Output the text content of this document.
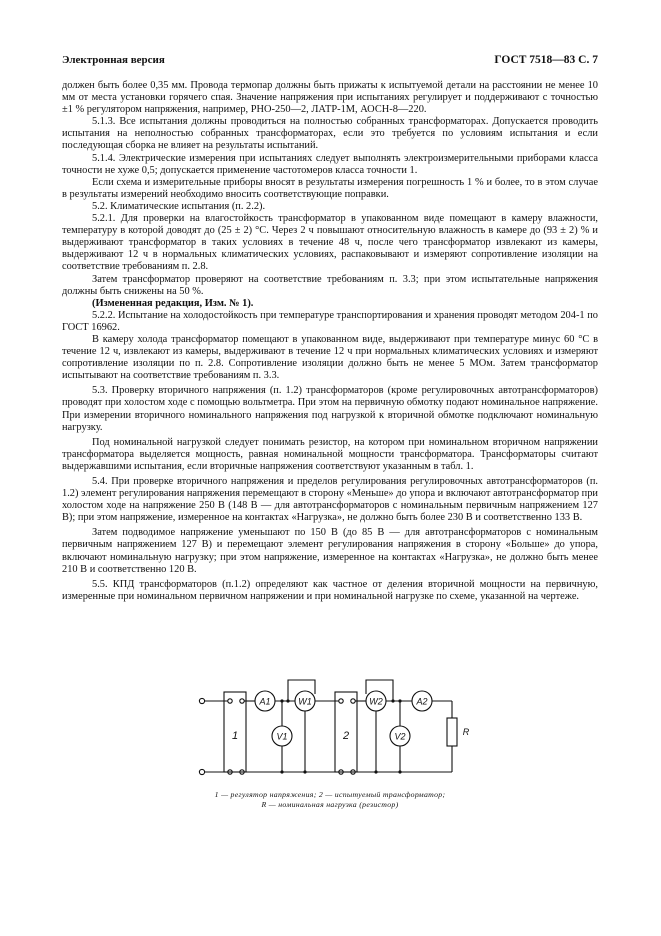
Электронная версия	ГОСТ 7518—83 С. 7

должен быть более 0,35 мм. Провода термопар должны быть прижаты к испытуемой детали на расстоянии не менее 10 мм от места установки горячего спая. Значение напряжения при испытаниях регулирует и поддерживают с точностью ±1 % регулятором напряжения, например, РНО-250—2, ЛАТР-1М, АОСН-8—220.

5.1.3. Все испытания должны проводиться на полностью собранных трансформаторах. Допускается проводить испытания на неполностью собранных трансформаторах, если это требуется по условиям испытания и если последующая сборка не влияет на результаты испытаний.

5.1.4. Электрические измерения при испытаниях следует выполнять электроизмерительными приборами класса точности не хуже 0,5; допускается применение частотомеров класса точности 1.

Если схема и измерительные приборы вносят в результаты измерения погрешность 1 % и более, то в этом случае в результаты измерений необходимо вносить соответствующие поправки.

5.2. Климатические испытания (п. 2.2).

5.2.1. Для проверки на влагостойкость трансформатор в упакованном виде помещают в камеру влажности, температуру в которой доводят до (25 ± 2) °С. Через 2 ч повышают относительную влажность в камере до (93 ± 2) % и выдерживают трансформатор в таких условиях в течение 48 ч, после чего трансформатор извлекают из камеры, выдерживают 12 ч в нормальных климатических условиях, распаковывают и измеряют сопротивление изоляции на соответствие требованиям п. 2.8.

Затем трансформатор проверяют на соответствие требованиям п. 3.3; при этом испытательные напряжения должны быть снижены на 50 %.

(Измененная редакция, Изм. № 1).

5.2.2. Испытание на холодостойкость при температуре транспортирования и хранения проводят методом 204-1 по ГОСТ 16962.

В камеру холода трансформатор помещают в упакованном виде, выдерживают при температуре минус 60 °С в течение 12 ч, извлекают из камеры, выдерживают в течение 12 ч при нормальных климатических условиях и измеряют сопротивление изоляции по п. 2.8. Сопротивление изоляции должно быть не менее 5 МОм. Затем трансформатор испытывают на соответствие требованиям п. 3.3.

5.3. Проверку вторичного напряжения (п. 1.2) трансформаторов (кроме регулировочных автотрансформаторов) проводят при холостом ходе с помощью вольтметра. При этом на первичную обмотку подают номинальное напряжение. При измерении вторичного номинального напряжения под нагрузкой к вторичной обмотке подключают номинальную нагрузку.

Под номинальной нагрузкой следует понимать резистор, на котором при номинальном вторичном напряжении трансформатора выделяется мощность, равная номинальной мощности трансформатора. Трансформаторы считают выдержавшими испытания, если вторичные напряжения соответствуют указанным в табл. 1.

5.4. При проверке вторичного напряжения и пределов регулирования регулировочных автотрансформаторов (п. 1.2) элемент регулирования напряжения перемещают в сторону «Меньше» до упора и включают автотрансформатор при холостом ходе на напряжение 250 В (148 В — для автотрансформаторов с номинальным первичным напряжением 127 В); при этом напряжение, измеренное на контактах «Нагрузка», не должно быть более 230 В и соответственно 133 В.

Затем подводимое напряжение уменьшают по 150 В (до 85 В — для автотрансформаторов с номинальным первичным напряжением 127 В) и перемещают элемент регулирования напряжения в сторону «Больше» до упора, включают номинальную нагрузку; при этом напряжение, измеренное на контактах «Нагрузка», не должно быть менее 210 В и соответственно 120 В.

5.5. КПД трансформаторов (п.1.2) определяют как частное от деления вторичной мощности на первичную, измеренные при номинальном первичном напряжении и при номинальной нагрузке по схеме, указанной на чертеже.

1	2
A1	W1
V1
W2	A2
V2	R
1 — регулятор напряжения; 2 — испытуемый трансформатор;
R — номинальная нагрузка (резистор)
